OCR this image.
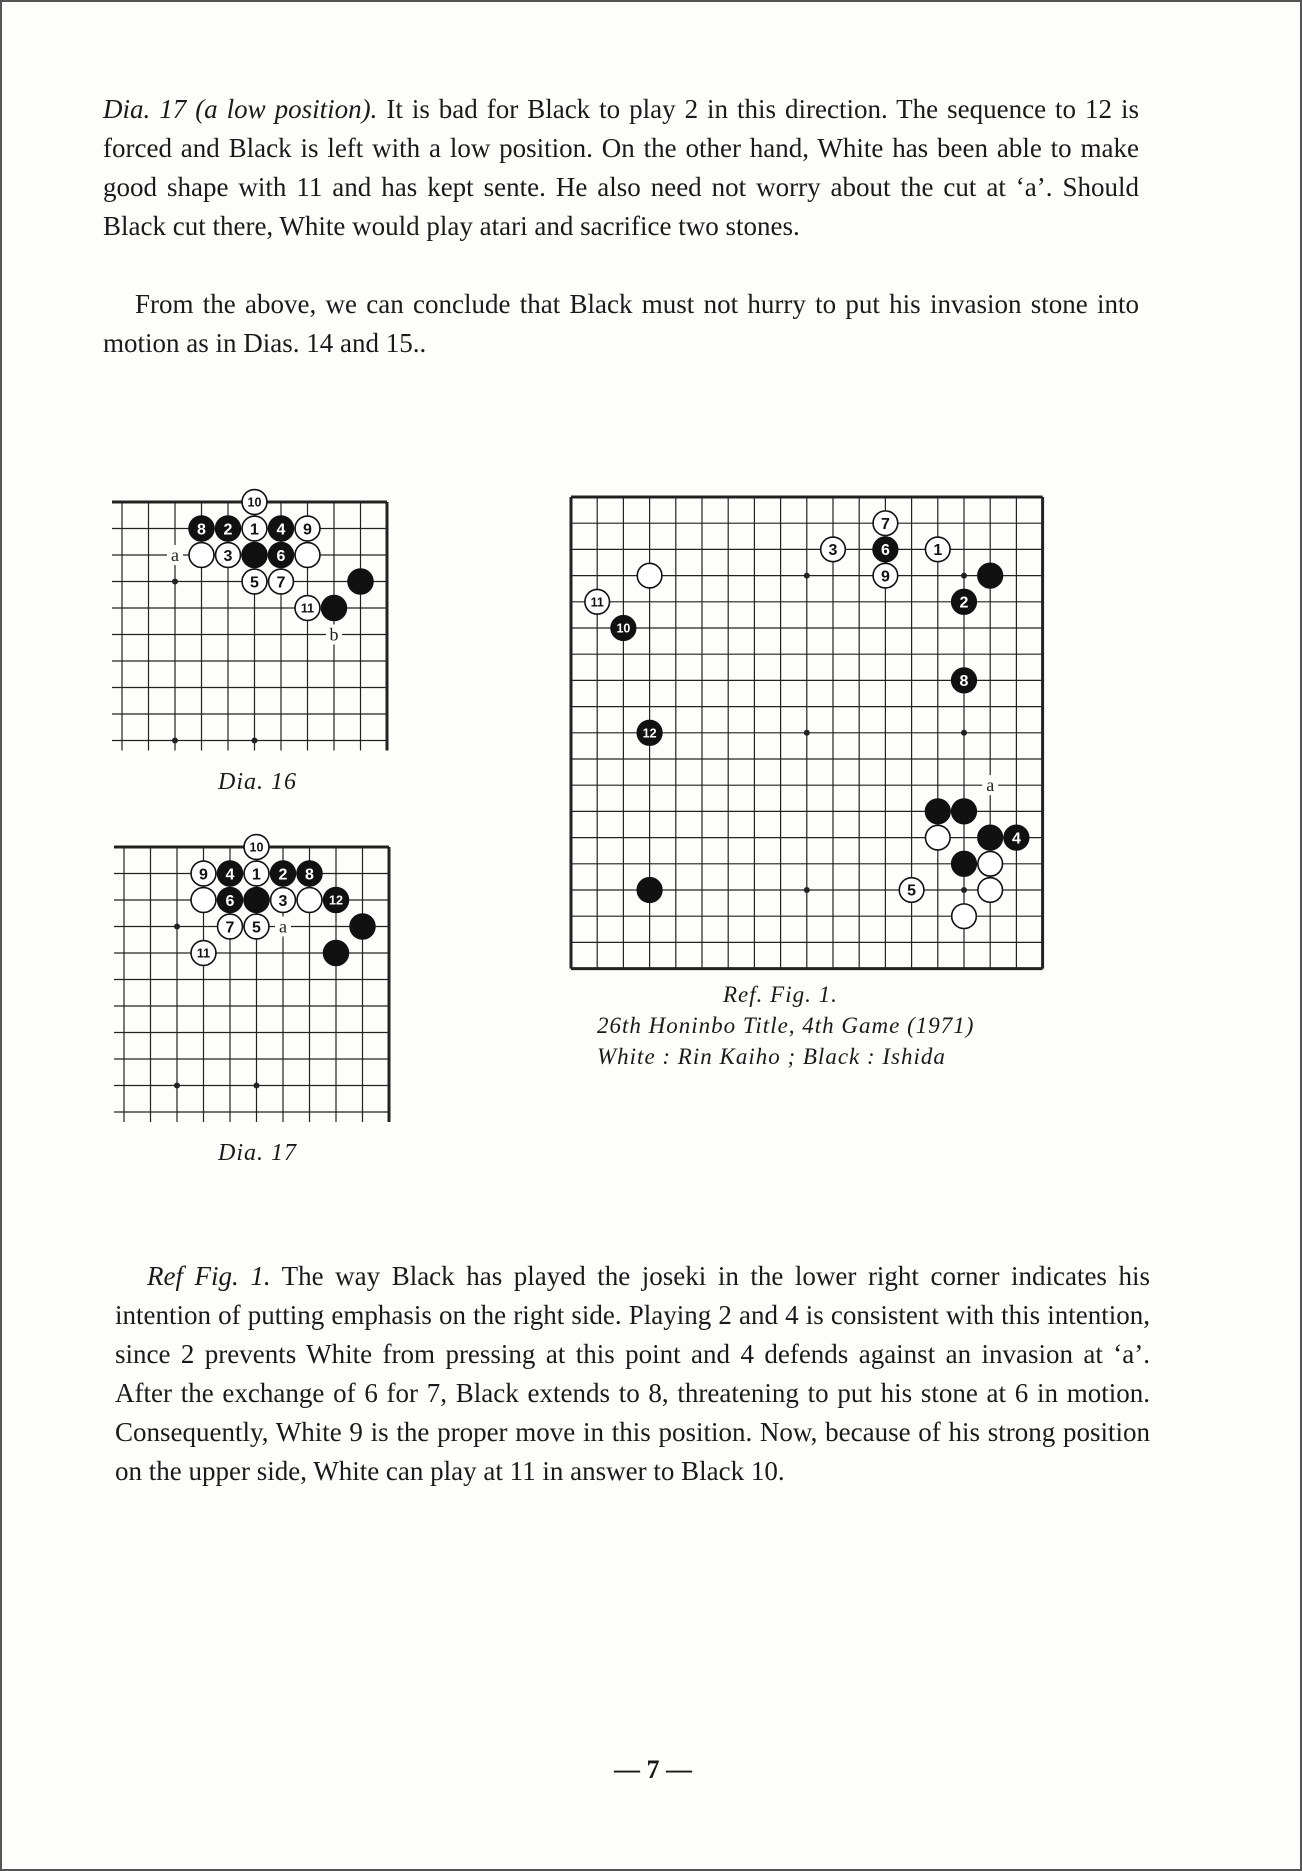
Dia. 17 (a low position). It is bad for Black to play 2 in this direction. The sequence to 12 is forced and Black is left with a low position. On the other hand, White has been able to make good shape with 11 and has kept sente. He also need not worry about the cut at ‘a’. Should Black cut there, White would play atari and sacrifice two stones.

From the above, we can conclude that Black must not hurry to put his invasion stone into motion as in Dias. 14 and 15..

a
b
10
8 2 1 4 9
3	6
5 7
11
Dia. 16
a
10
9 4 1 2 8
6	3	12
7 5
11
Dia. 17
a
7
3	6	1
9
11	2
10
8
12
4
5
Ref. Fig. 1.
26th Honinbo Title, 4th Game (1971)
White : Rin Kaiho ; Black : Ishida

Ref Fig. 1. The way Black has played the joseki in the lower right corner indicates his intention of putting emphasis on the right side. Playing 2 and 4 is consistent with this intention, since 2 prevents White from pressing at this point and 4 defends against an invasion at ‘a’. After the exchange of 6 for 7, Black extends to 8, threatening to put his stone at 6 in motion. Consequently, White 9 is the proper move in this position. Now, because of his strong position on the upper side, White can play at 11 in answer to Black 10.

— 7 —
